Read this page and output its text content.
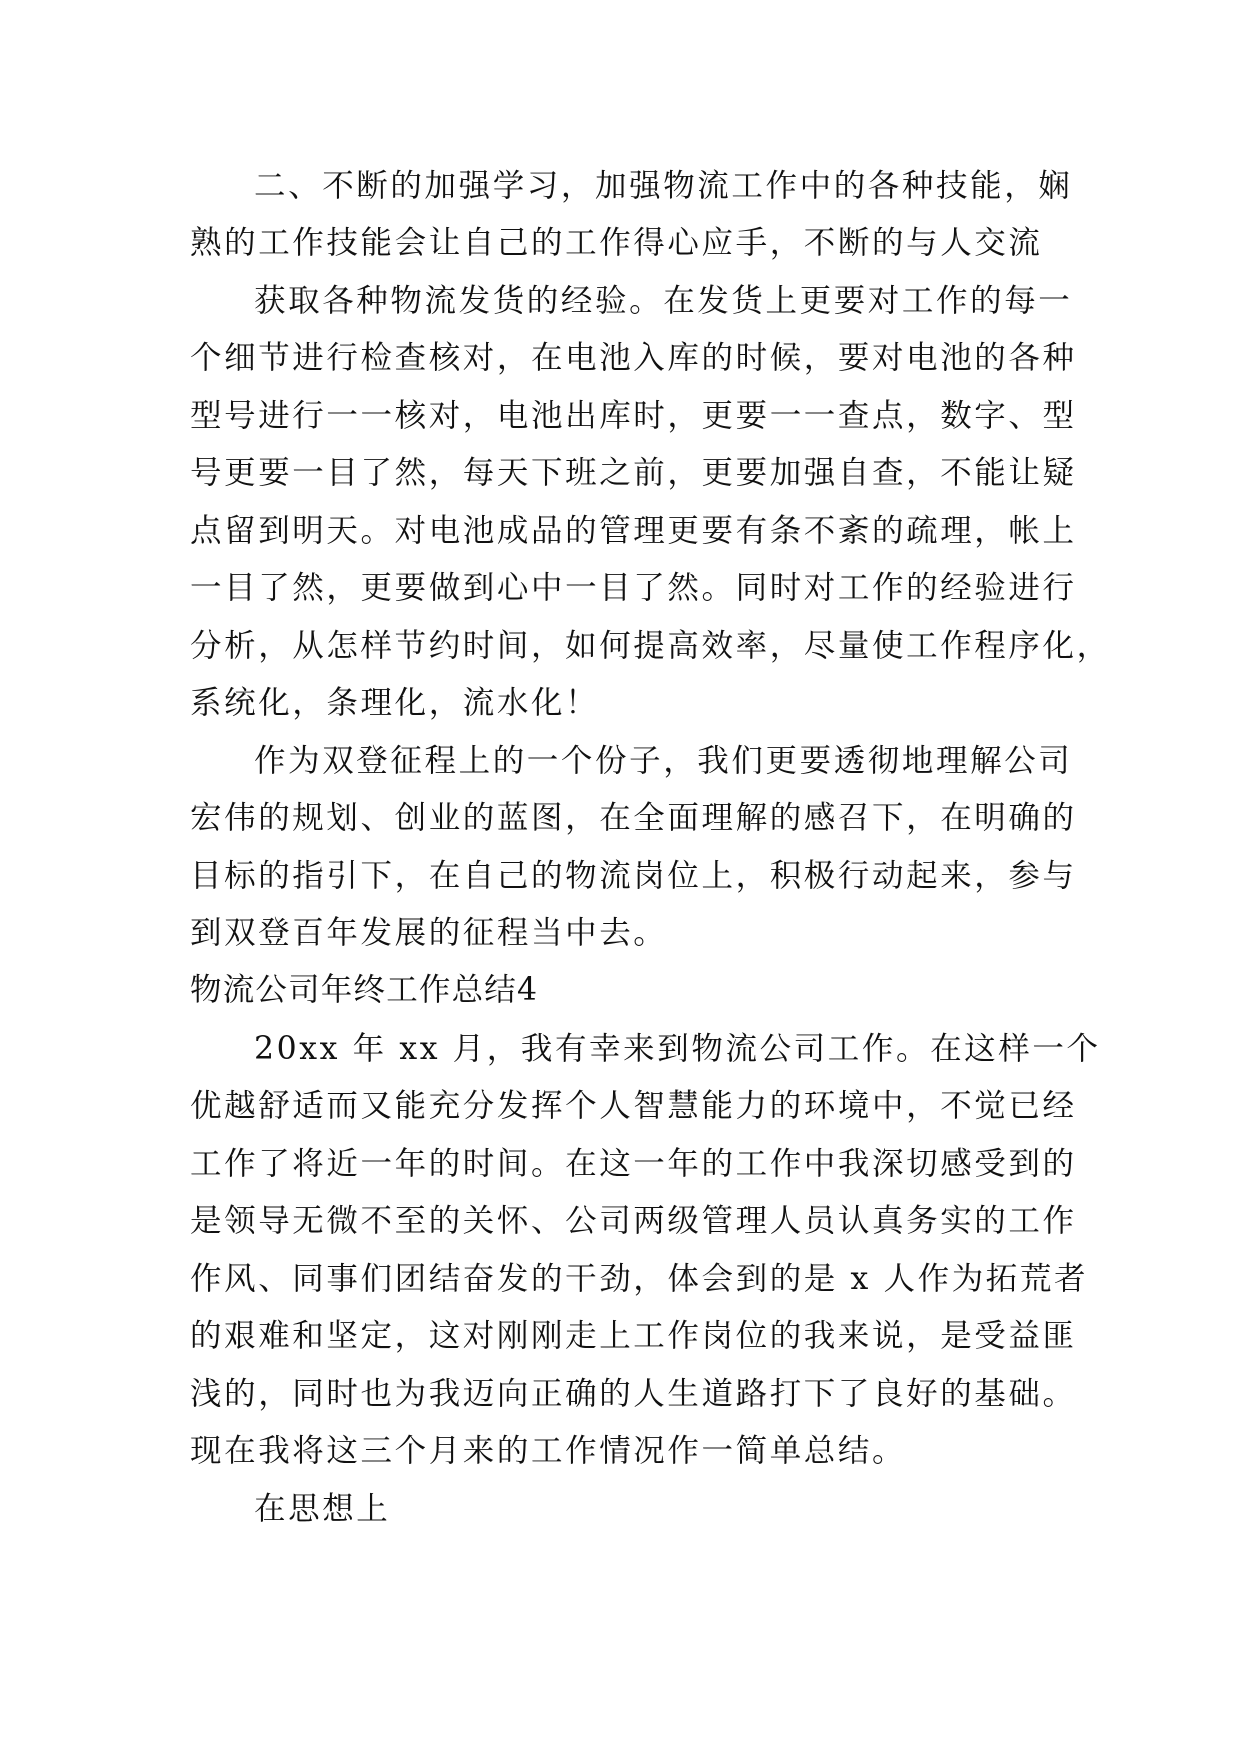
二、不断的加强学习，加强物流工作中的各种技能，娴
熟的工作技能会让自己的工作得心应手，不断的与人交流
获取各种物流发货的经验。在发货上更要对工作的每一
个细节进行检查核对，在电池入库的时候，要对电池的各种
型号进行一一核对，电池出库时，更要一一查点，数字、型
号更要一目了然，每天下班之前，更要加强自查，不能让疑
点留到明天。对电池成品的管理更要有条不紊的疏理，帐上
一目了然，更要做到心中一目了然。同时对工作的经验进行
分析，从怎样节约时间，如何提高效率，尽量使工作程序化，
系统化，条理化，流水化！
作为双登征程上的一个份子，我们更要透彻地理解公司
宏伟的规划、创业的蓝图，在全面理解的感召下，在明确的
目标的指引下，在自己的物流岗位上，积极行动起来，参与
到双登百年发展的征程当中去。
物流公司年终工作总结4
20xx 年 xx 月，我有幸来到物流公司工作。在这样一个
优越舒适而又能充分发挥个人智慧能力的环境中，不觉已经
工作了将近一年的时间。在这一年的工作中我深切感受到的
是领导无微不至的关怀、公司两级管理人员认真务实的工作
作风、同事们团结奋发的干劲，体会到的是 x 人作为拓荒者
的艰难和坚定，这对刚刚走上工作岗位的我来说，是受益匪
浅的，同时也为我迈向正确的人生道路打下了良好的基础。
现在我将这三个月来的工作情况作一简单总结。
在思想上
